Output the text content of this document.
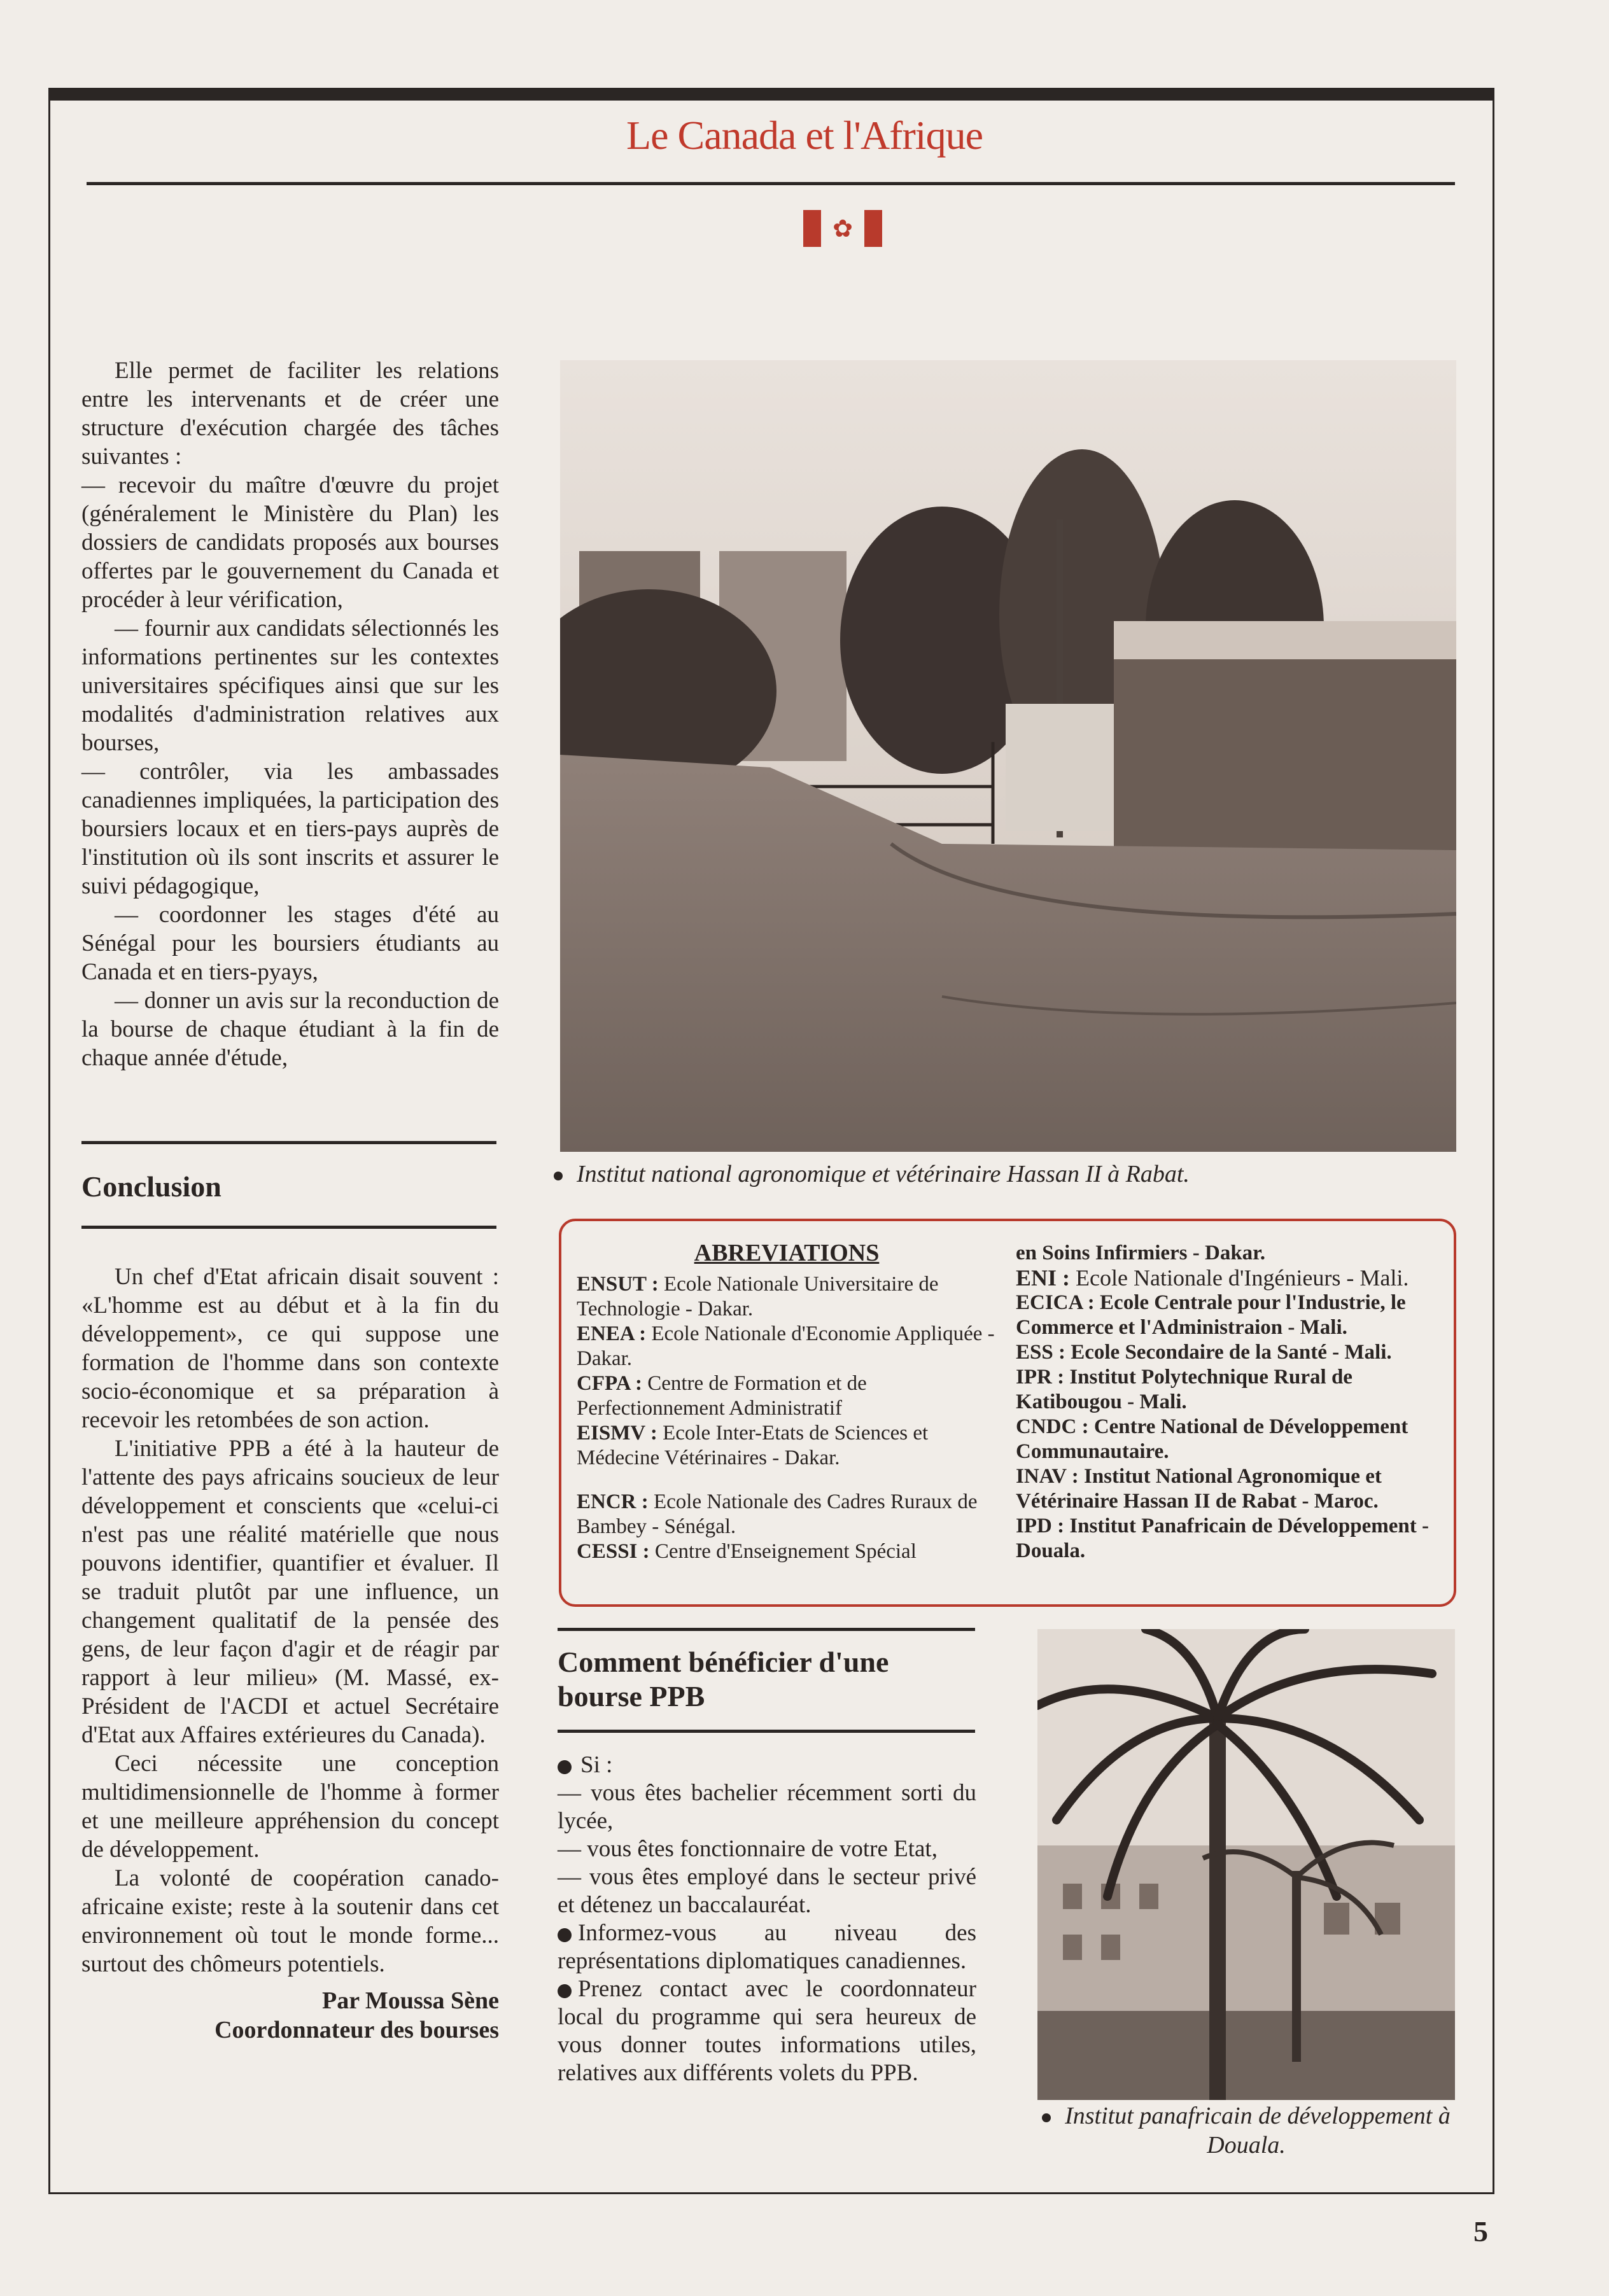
Le Canada et l'Afrique
✿

Elle permet de faciliter les relations entre les intervenants et de créer une structure d'exécution chargée des tâches suivantes :

— recevoir du maître d'œuvre du projet (généralement le Ministère du Plan) les dossiers de candidats proposés aux bourses offertes par le gouvernement du Canada et procéder à leur vérification,

— fournir aux candidats sélectionnés les informations pertinentes sur les contextes universitaires spécifiques ainsi que sur les modalités d'administration relatives aux bourses,

— contrôler, via les ambassades canadiennes impliquées, la participation des boursiers locaux et en tiers-pays auprès de l'institution où ils sont inscrits et assurer le suivi pédagogique,

— coordonner les stages d'été au Sénégal pour les boursiers étudiants au Canada et en tiers-pyays,

— donner un avis sur la reconduction de la bourse de chaque étudiant à la fin de chaque année d'étude,

Conclusion

Un chef d'Etat africain disait souvent : «L'homme est au début et à la fin du développement», ce qui suppose une formation de l'homme dans son contexte socio-économique et sa préparation à recevoir les retombées de son action.

L'initiative PPB a été à la hauteur de l'attente des pays africains soucieux de leur développement et conscients que «celui-ci n'est pas une réalité matérielle que nous pouvons identifier, quantifier et évaluer. Il se traduit plutôt par une influence, un changement qualitatif de la pensée des gens, de leur façon d'agir et de réagir par rapport à leur milieu» (M. Massé, ex-Président de l'ACDI et actuel Secrétaire d'Etat aux Affaires extérieures du Canada).

Ceci nécessite une conception multidimensionnelle de l'homme à former et une meilleure appréhension du concept de développement.

La volonté de coopération canado-africaine existe; reste à la soutenir dans cet environnement où tout le monde forme... surtout des chômeurs potentiels.

Par Moussa Sène
Coordonnateur des bourses
Institut national agronomique et vétérinaire Hassan II à Rabat.
ABREVIATIONS
ENSUT : Ecole Nationale Universitaire de Technologie - Dakar.
ENEA : Ecole Nationale d'Economie Appliquée - Dakar.
CFPA : Centre de Formation et de Perfectionnement Administratif
EISMV : Ecole Inter-Etats de Sciences et Médecine Vétérinaires - Dakar.
ENCR : Ecole Nationale des Cadres Ruraux de Bambey - Sénégal.
CESSI : Centre d'Enseignement Spécial
en Soins Infirmiers - Dakar.
ENI : Ecole Nationale d'Ingénieurs - Mali.
ECICA : Ecole Centrale pour l'Industrie, le Commerce et l'Administraion - Mali.
ESS : Ecole Secondaire de la Santé - Mali.
IPR : Institut Polytechnique Rural de Katibougou - Mali.
CNDC : Centre National de Développement Communautaire.
INAV : Institut National Agronomique et Vétérinaire Hassan II de Rabat - Maroc.
IPD : Institut Panafricain de Développement - Douala.
Comment bénéficier d'une bourse PPB

Si :

— vous êtes bachelier récemment sorti du lycée,

— vous êtes fonctionnaire de votre Etat,

— vous êtes employé dans le secteur privé et détenez un baccalauréat.

Informez-vous au niveau des représentations diplomatiques canadiennes.

Prenez contact avec le coordonnateur local du programme qui sera heureux de vous donner toutes informations utiles, relatives aux différents volets du PPB.

Institut panafricain de développement à Douala.
5
